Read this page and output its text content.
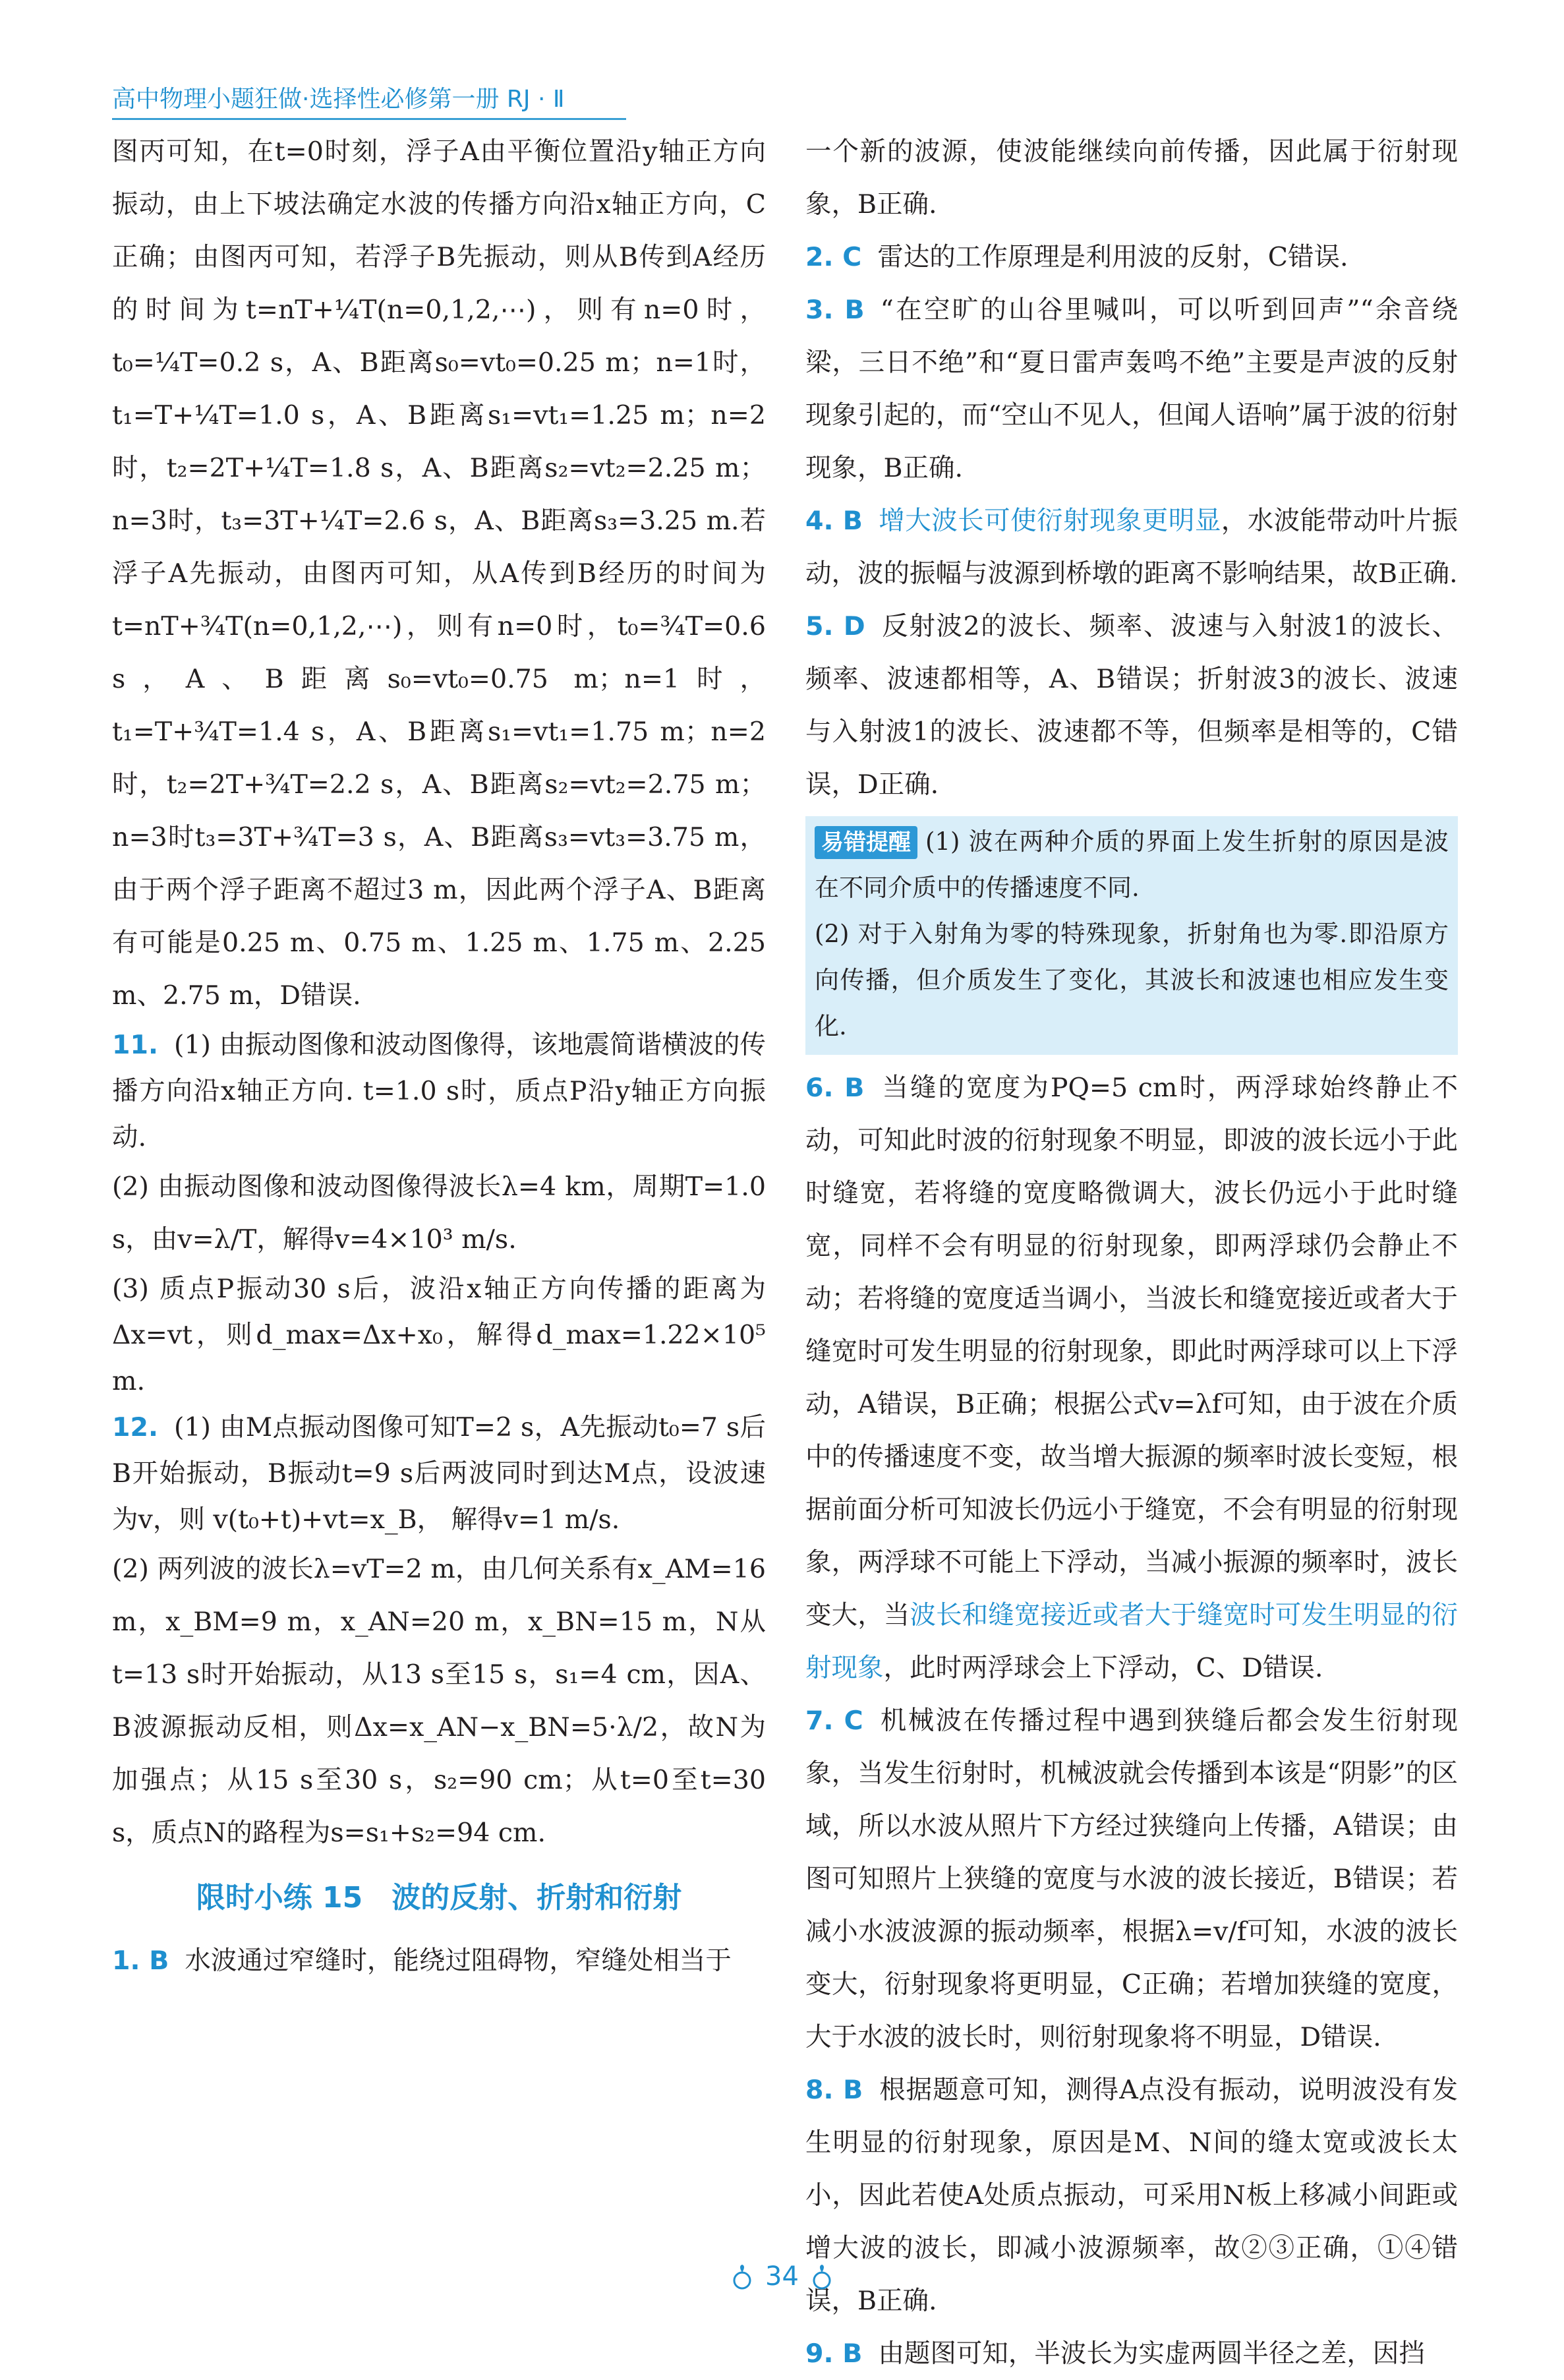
高中物理小题狂做·选择性必修第一册 RJ · Ⅱ

图丙可知，在t=0时刻，浮子A由平衡位置沿y轴正方向振动，由上下坡法确定水波的传播方向沿x轴正方向，C正确；由图丙可知，若浮子B先振动，则从B传到A经历的时间为t=nT+¼T(n=0,1,2,⋯)，则有n=0时，t₀=¼T=0.2 s，A、B距离s₀=vt₀=0.25 m；n=1时，t₁=T+¼T=1.0 s，A、B距离s₁=vt₁=1.25 m；n=2时，t₂=2T+¼T=1.8 s，A、B距离s₂=vt₂=2.25 m；n=3时，t₃=3T+¼T=2.6 s，A、B距离s₃=3.25 m.若浮子A先振动，由图丙可知，从A传到B经历的时间为t=nT+¾T(n=0,1,2,⋯)，则有n=0时，t₀=¾T=0.6 s，A、B距离s₀=vt₀=0.75 m；n=1时，t₁=T+¾T=1.4 s，A、B距离s₁=vt₁=1.75 m；n=2时，t₂=2T+¾T=2.2 s，A、B距离s₂=vt₂=2.75 m；n=3时t₃=3T+¾T=3 s，A、B距离s₃=vt₃=3.75 m，由于两个浮子距离不超过3 m，因此两个浮子A、B距离有可能是0.25 m、0.75 m、1.25 m、1.75 m、2.25 m、2.75 m，D错误.

11. (1) 由振动图像和波动图像得，该地震简谐横波的传播方向沿x轴正方向. t=1.0 s时，质点P沿y轴正方向振动.

(2) 由振动图像和波动图像得波长λ=4 km，周期T=1.0 s，由v=λ/T，解得v=4×10³ m/s.

(3) 质点P振动30 s后，波沿x轴正方向传播的距离为Δx=vt，则d_max=Δx+x₀，解得d_max=1.22×10⁵ m.

12. (1) 由M点振动图像可知T=2 s，A先振动t₀=7 s后B开始振动，B振动t=9 s后两波同时到达M点，设波速为v，则 v(t₀+t)+vt=x_B， 解得v=1 m/s.

(2) 两列波的波长λ=vT=2 m，由几何关系有x_AM=16 m，x_BM=9 m，x_AN=20 m，x_BN=15 m，N从t=13 s时开始振动，从13 s至15 s，s₁=4 cm，因A、B波源振动反相，则Δx=x_AN−x_BN=5·λ/2，故N为加强点；从15 s至30 s，s₂=90 cm；从t=0至t=30 s，质点N的路程为s=s₁+s₂=94 cm.

限时小练 15　波的反射、折射和衍射

1. B 水波通过窄缝时，能绕过阻碍物，窄缝处相当于

一个新的波源，使波能继续向前传播，因此属于衍射现象，B正确.

2. C 雷达的工作原理是利用波的反射，C错误.

3. B “在空旷的山谷里喊叫，可以听到回声”“余音绕梁，三日不绝”和“夏日雷声轰鸣不绝”主要是声波的反射现象引起的，而“空山不见人，但闻人语响”属于波的衍射现象，B正确.

4. B 增大波长可使衍射现象更明显，水波能带动叶片振动，波的振幅与波源到桥墩的距离不影响结果，故B正确.

5. D 反射波2的波长、频率、波速与入射波1的波长、频率、波速都相等，A、B错误；折射波3的波长、波速与入射波1的波长、波速都不等，但频率是相等的，C错误，D正确.

易错提醒 (1) 波在两种介质的界面上发生折射的原因是波在不同介质中的传播速度不同.
(2) 对于入射角为零的特殊现象，折射角也为零.即沿原方向传播，但介质发生了变化，其波长和波速也相应发生变化.

6. B 当缝的宽度为PQ=5 cm时，两浮球始终静止不动，可知此时波的衍射现象不明显，即波的波长远小于此时缝宽，若将缝的宽度略微调大，波长仍远小于此时缝宽，同样不会有明显的衍射现象，即两浮球仍会静止不动；若将缝的宽度适当调小，当波长和缝宽接近或者大于缝宽时可发生明显的衍射现象，即此时两浮球可以上下浮动，A错误，B正确；根据公式v=λf可知，由于波在介质中的传播速度不变，故当增大振源的频率时波长变短，根据前面分析可知波长仍远小于缝宽，不会有明显的衍射现象，两浮球不可能上下浮动，当减小振源的频率时，波长变大，当波长和缝宽接近或者大于缝宽时可发生明显的衍射现象，此时两浮球会上下浮动，C、D错误.

7. C 机械波在传播过程中遇到狭缝后都会发生衍射现象，当发生衍射时，机械波就会传播到本该是“阴影”的区域，所以水波从照片下方经过狭缝向上传播，A错误；由图可知照片上狭缝的宽度与水波的波长接近，B错误；若减小水波波源的振动频率，根据λ=v/f可知，水波的波长变大，衍射现象将更明显，C正确；若增加狭缝的宽度，大于水波的波长时，则衍射现象将不明显，D错误.

8. B 根据题意可知，测得A点没有振动，说明波没有发生明显的衍射现象，原因是M、N间的缝太宽或波长太小，因此若使A处质点振动，可采用N板上移减小间距或增大波的波长，即减小波源频率，故②③正确，①④错误，B正确.

9. B 由题图可知，半波长为实虚两圆半径之差，因挡

34
